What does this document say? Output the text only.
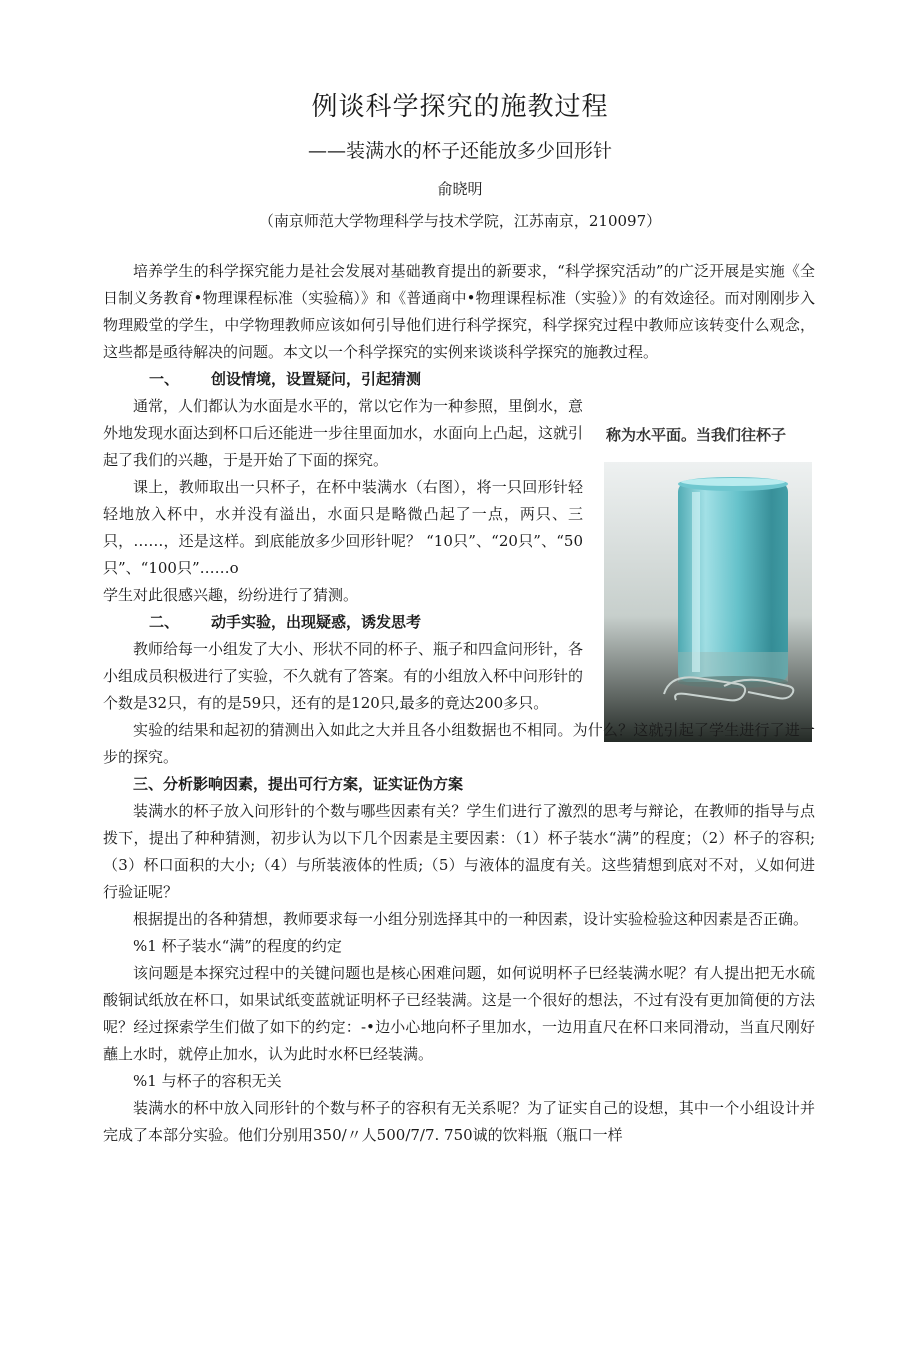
例谈科学探究的施教过程
——装满水的杯子还能放多少回形针
俞晓明
（南京师范大学物理科学与技术学院，江苏南京，210097）
称为水平面。当我们往杯子

培养学生的科学探究能力是社会发展对基础教育提出的新要求，“科学探究活动”的广泛开展是实施《全日制义务教育•物理课程标准（实验稿）》和《普通商中•物理课程标准（实验）》的有效途径。而对刚刚步入物理殿堂的学生，中学物理教师应该如何引导他们进行科学探究，科学探究过程中教师应该转变什么观念，这些都是亟待解决的问题。本文以一个科学探究的实例来谈谈科学探究的施教过程。

一、 创设情境，设置疑问，引起猜测

通常，人们都认为水面是水平的，常以它作为一种参照，里倒水，意外地发现水面达到杯口后还能进一步往里面加水，水面向上凸起，这就引起了我们的兴趣，于是开始了下面的探究。

课上，教师取出一只杯子，在杯中装满水（右图），将一只回形针轻轻地放入杯中，水并没有溢出，水面只是略微凸起了一点，两只、三只，……，还是这样。到底能放多少回形针呢？ “10只”、“20只”、“50只”、“100只”……o

学生对此很感兴趣，纷纷进行了猜测。

二、 动手实验，出现疑惑，诱发思考

教师给每一小组发了大小、形状不同的杯子、瓶子和四盒问形针，各小组成员积极进行了实验，不久就有了答案。有的小组放入杯中问形针的个数是32只，有的是59只，还有的是120只,最多的竟达200多只。

实验的结果和起初的猜测出入如此之大并且各小组数据也不相同。为什么？这就引起了学生进行了进一步的探究。

三、分析影响因素，提出可行方案，证实证伪方案

装满水的杯子放入问形针的个数与哪些因素有关？学生们进行了激烈的思考与辩论，在教师的指导与点拨下，提出了种种猜测，初步认为以下几个因素是主要因素：（1）杯子装水“满”的程度；（2）杯子的容积;（3）杯口面积的大小;（4）与所装液体的性质;（5）与液体的温度有关。这些猜想到底对不对，乂如何进行验证呢？

根据提出的各种猜想，教师要求每一小组分别选择其中的一种因素，设计实验检验这种因素是否正确。

%1 杯子装水“满”的程度的约定

该问题是本探究过程中的关键问题也是核心困难问题，如何说明杯子巳经装满水呢？有人提出把无水硫酸铜试纸放在杯口，如果试纸变蓝就证明杯子已经装满。这是一个很好的想法，不过有没有更加简便的方法呢？经过探索学生们做了如下的约定：-•边小心地向杯子里加水，一边用直尺在杯口来同滑动，当直尺刚好蘸上水时，就停止加水，认为此时水杯巳经装满。

%1 与杯子的容积无关

装满水的杯中放入同形针的个数与杯子的容积有无关系呢？为了证实自己的设想，其中一个小组设计并完成了本部分实验。他们分别用350/〃人500/7/7. 750诚的饮料瓶（瓶口一样
